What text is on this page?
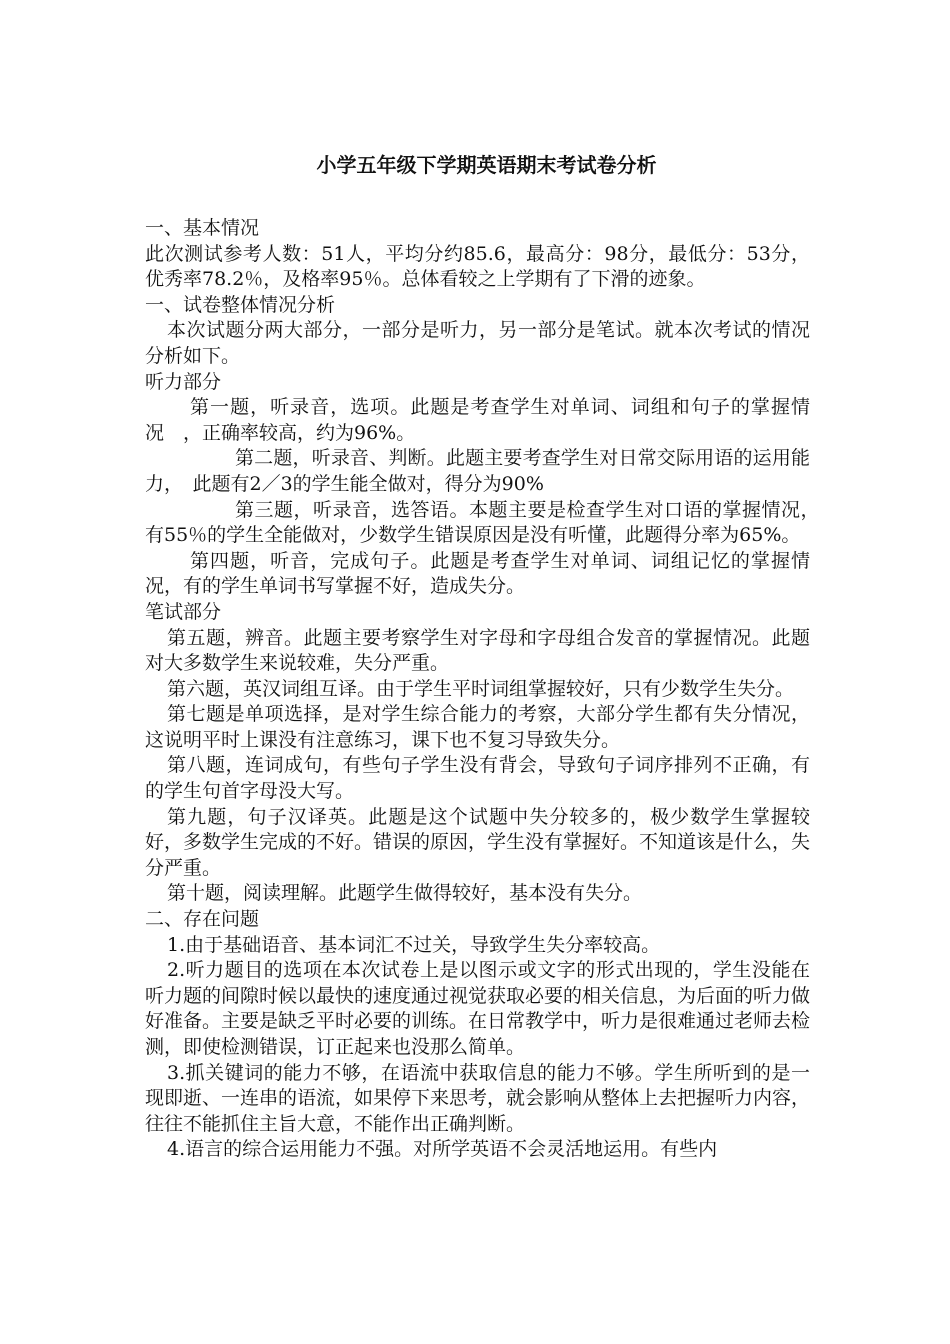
小学五年级下学期英语期末考试卷分析

一、基本情况

此次测试参考人数：51人，平均分约85.6，最高分：98分，最低分：53分，优秀率78.2％，及格率95％。总体看较之上学期有了下滑的迹象。

一、试卷整体情况分析

本次试题分两大部分，一部分是听力，另一部分是笔试。就本次考试的情况分析如下。

听力部分

第一题，听录音，选项。此题是考查学生对单词、词组和句子的掌握情况　，正确率较高，约为96%。

第二题，听录音、判断。此题主要考查学生对日常交际用语的运用能力，　此题有2／3的学生能全做对，得分为90%

第三题，听录音，选答语。本题主要是检查学生对口语的掌握情况，　　有55％的学生全能做对，少数学生错误原因是没有听懂，此题得分率为65%。

第四题，听音，完成句子。此题是考查学生对单词、词组记忆的掌握情况，有的学生单词书写掌握不好，造成失分。

笔试部分

第五题，辨音。此题主要考察学生对字母和字母组合发音的掌握情况。此题对大多数学生来说较难，失分严重。

第六题，英汉词组互译。由于学生平时词组掌握较好，只有少数学生失分。

第七题是单项选择，是对学生综合能力的考察，大部分学生都有失分情况，这说明平时上课没有注意练习，课下也不复习导致失分。

第八题，连词成句，有些句子学生没有背会，导致句子词序排列不正确，有的学生句首字母没大写。

第九题，句子汉译英。此题是这个试题中失分较多的，极少数学生掌握较好，多数学生完成的不好。错误的原因，学生没有掌握好。不知道该是什么，失分严重。

第十题，阅读理解。此题学生做得较好，基本没有失分。

二、存在问题

1.由于基础语音、基本词汇不过关，导致学生失分率较高。

2.听力题目的选项在本次试卷上是以图示或文字的形式出现的，学生没能在听力题的间隙时候以最快的速度通过视觉获取必要的相关信息，为后面的听力做好准备。主要是缺乏平时必要的训练。在日常教学中，听力是很难通过老师去检测，即使检测错误，订正起来也没那么简单。

3.抓关键词的能力不够，在语流中获取信息的能力不够。学生所听到的是一现即逝、一连串的语流，如果停下来思考，就会影响从整体上去把握听力内容，往往不能抓住主旨大意，不能作出正确判断。

4.语言的综合运用能力不强。对所学英语不会灵活地运用。有些内
